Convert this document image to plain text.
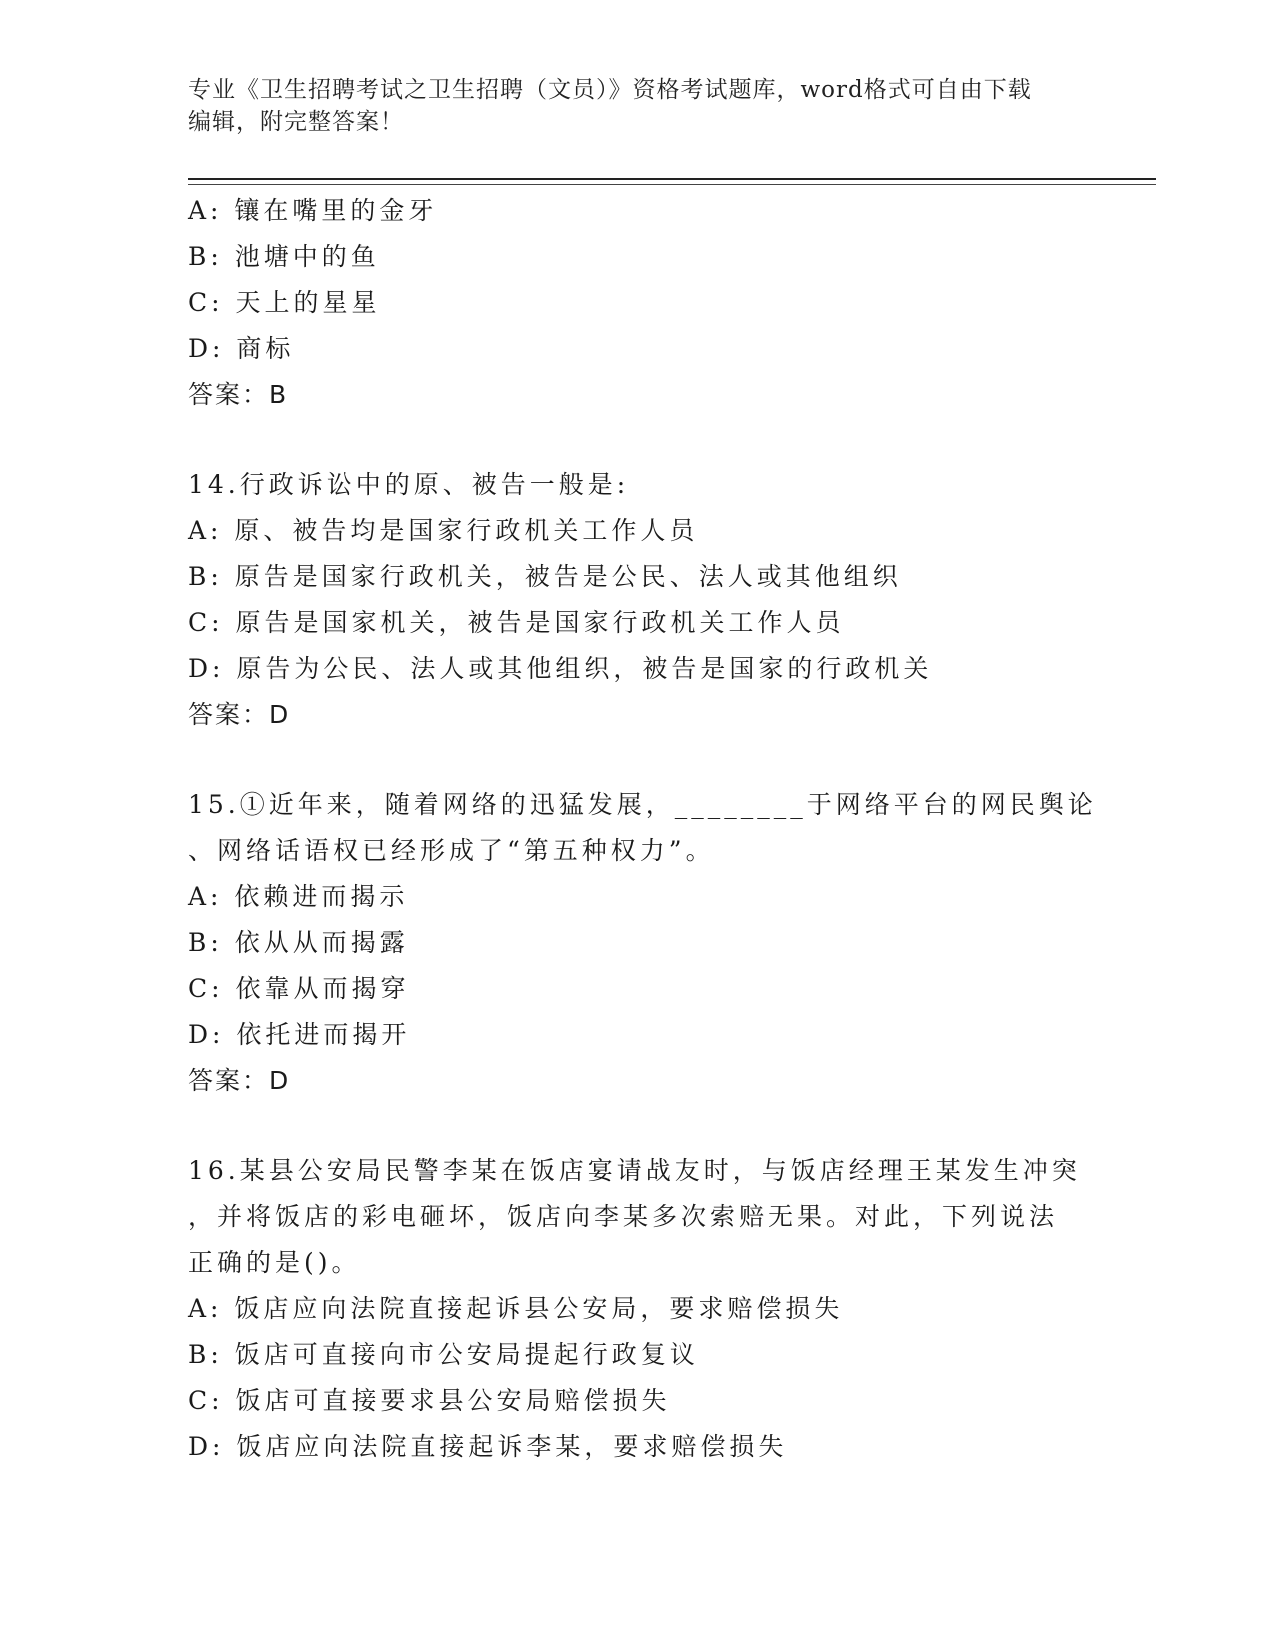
专业《卫生招聘考试之卫生招聘（文员）》资格考试题库，word格式可自由下载
编辑，附完整答案！
A: 镶在嘴里的金牙
B: 池塘中的鱼
C: 天上的星星
D: 商标
答案：B
14.行政诉讼中的原、被告一般是:
A: 原、被告均是国家行政机关工作人员
B: 原告是国家行政机关，被告是公民、法人或其他组织
C: 原告是国家机关，被告是国家行政机关工作人员
D: 原告为公民、法人或其他组织，被告是国家的行政机关
答案：D
15.①近年来，随着网络的迅猛发展，________于网络平台的网民舆论
、网络话语权已经形成了“第五种权力”。
A: 依赖进而揭示
B: 依从从而揭露
C: 依靠从而揭穿
D: 依托进而揭开
答案：D
16.某县公安局民警李某在饭店宴请战友时，与饭店经理王某发生冲突
，并将饭店的彩电砸坏，饭店向李某多次索赔无果。对此，下列说法
正确的是()。
A: 饭店应向法院直接起诉县公安局，要求赔偿损失
B: 饭店可直接向市公安局提起行政复议
C: 饭店可直接要求县公安局赔偿损失
D: 饭店应向法院直接起诉李某，要求赔偿损失
